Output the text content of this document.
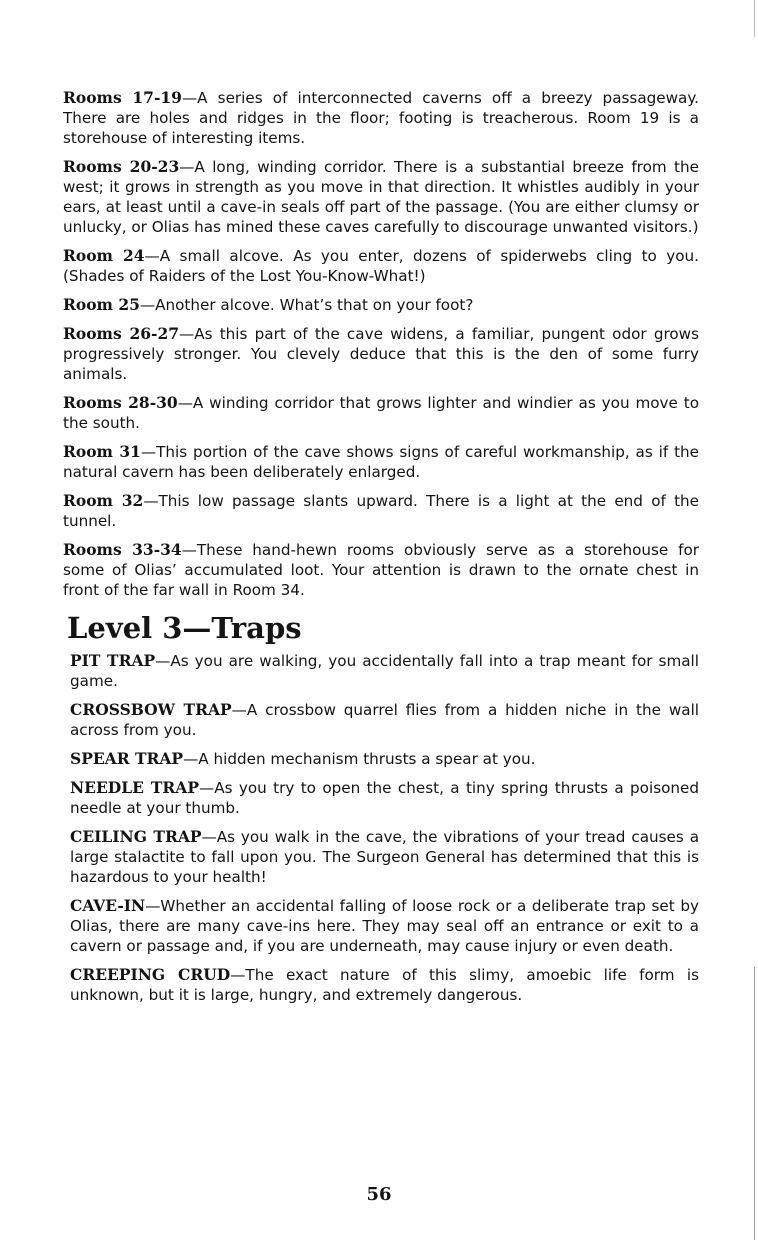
Rooms 17-19—A series of interconnected caverns off a breezy passageway. There are holes and ridges in the floor; footing is treacherous. Room 19 is a storehouse of interesting items.

Rooms 20-23—A long, winding corridor. There is a substantial breeze from the west; it grows in strength as you move in that direction. It whistles audibly in your ears, at least until a cave-in seals off part of the passage. (You are either clumsy or unlucky, or Olias has mined these caves carefully to discourage unwanted visitors.)

Room 24—A small alcove. As you enter, dozens of spiderwebs cling to you. (Shades of Raiders of the Lost You-Know-What!)

Room 25—Another alcove. What’s that on your foot?

Rooms 26-27—As this part of the cave widens, a familiar, pungent odor grows progressively stronger. You clevely deduce that this is the den of some furry animals.

Rooms 28-30—A winding corridor that grows lighter and windier as you move to the south.

Room 31—This portion of the cave shows signs of careful workmanship, as if the natural cavern has been deliberately enlarged.

Room 32—This low passage slants upward. There is a light at the end of the tunnel.

Rooms 33-34—These hand-hewn rooms obviously serve as a storehouse for some of Olias’ accumulated loot. Your attention is drawn to the ornate chest in front of the far wall in Room 34.

Level 3—Traps

PIT TRAP—As you are walking, you accidentally fall into a trap meant for small game.

CROSSBOW TRAP—A crossbow quarrel flies from a hidden niche in the wall across from you.

SPEAR TRAP—A hidden mechanism thrusts a spear at you.

NEEDLE TRAP—As you try to open the chest, a tiny spring thrusts a poisoned needle at your thumb.

CEILING TRAP—As you walk in the cave, the vibrations of your tread causes a large stalactite to fall upon you. The Surgeon General has determined that this is hazardous to your health!

CAVE-IN—Whether an accidental falling of loose rock or a deliberate trap set by Olias, there are many cave-ins here. They may seal off an entrance or exit to a cavern or passage and, if you are underneath, may cause injury or even death.

CREEPING CRUD—The exact nature of this slimy, amoebic life form is unknown, but it is large, hungry, and extremely dangerous.

56
